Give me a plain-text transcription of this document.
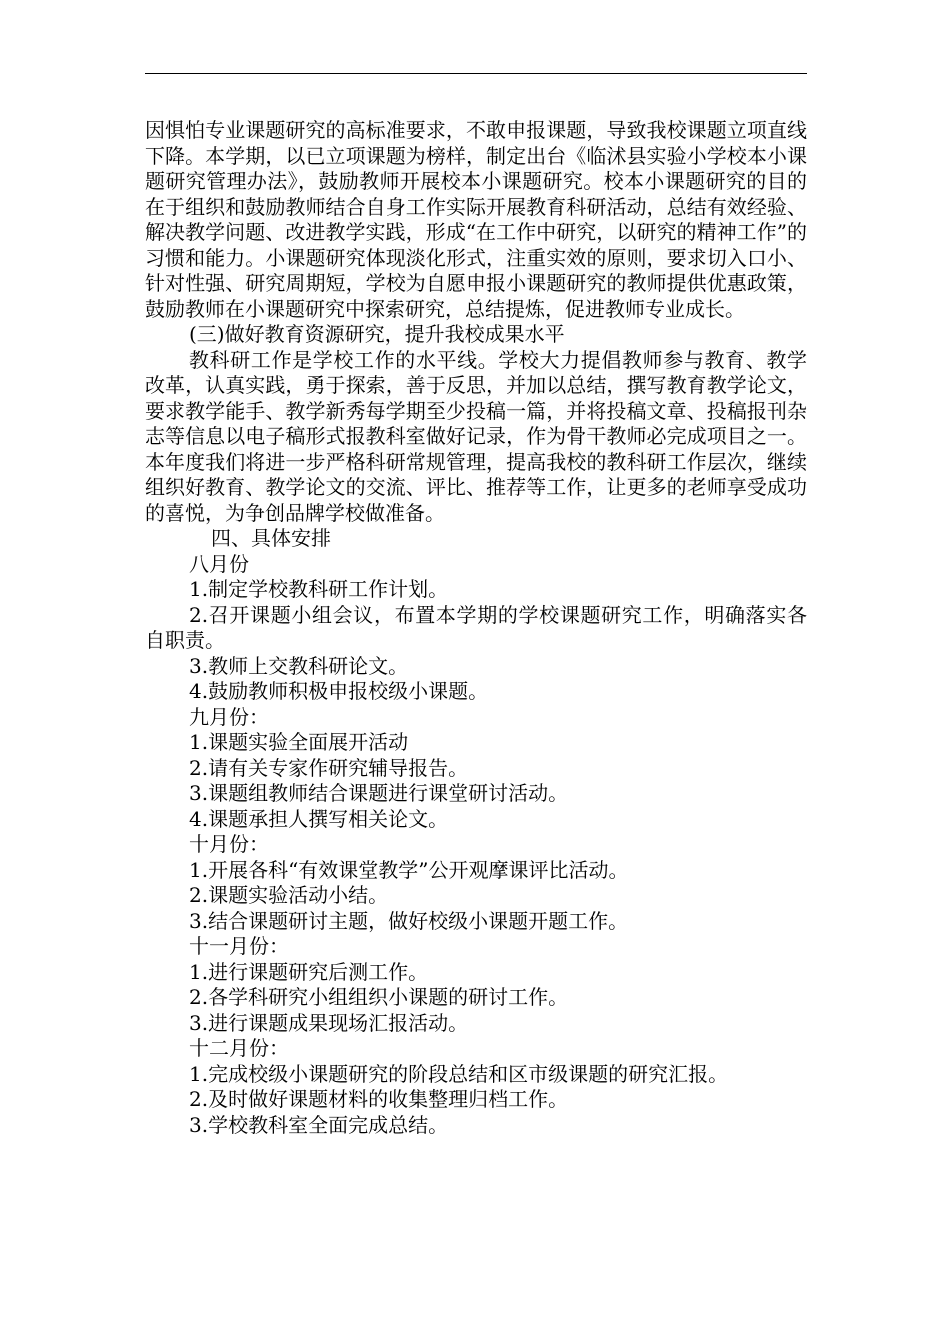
因惧怕专业课题研究的高标准要求，不敢申报课题，导致我校课题立项直线下降。本学期，以已立项课题为榜样，制定出台《临沭县实验小学校本小课题研究管理办法》，鼓励教师开展校本小课题研究。校本小课题研究的目的在于组织和鼓励教师结合自身工作实际开展教育科研活动，总结有效经验、解决教学问题、改进教学实践，形成“在工作中研究，以研究的精神工作”的习惯和能力。小课题研究体现淡化形式，注重实效的原则，要求切入口小、针对性强、研究周期短，学校为自愿申报小课题研究的教师提供优惠政策，鼓励教师在小课题研究中探索研究，总结提炼，促进教师专业成长。

(三)做好教育资源研究，提升我校成果水平

教科研工作是学校工作的水平线。学校大力提倡教师参与教育、教学改革，认真实践，勇于探索，善于反思，并加以总结，撰写教育教学论文，要求教学能手、教学新秀每学期至少投稿一篇，并将投稿文章、投稿报刊杂志等信息以电子稿形式报教科室做好记录，作为骨干教师必完成项目之一。本年度我们将进一步严格科研常规管理，提高我校的教科研工作层次，继续组织好教育、教学论文的交流、评比、推荐等工作，让更多的老师享受成功的喜悦，为争创品牌学校做准备。

四、具体安排

八月份

1.制定学校教科研工作计划。

2.召开课题小组会议，布置本学期的学校课题研究工作，明确落实各自职责。

3.教师上交教科研论文。

4.鼓励教师积极申报校级小课题。

九月份：

1.课题实验全面展开活动

2.请有关专家作研究辅导报告。

3.课题组教师结合课题进行课堂研讨活动。

4.课题承担人撰写相关论文。

十月份：

1.开展各科“有效课堂教学”公开观摩课评比活动。

2.课题实验活动小结。

3.结合课题研讨主题，做好校级小课题开题工作。

十一月份：

1.进行课题研究后测工作。

2.各学科研究小组组织小课题的研讨工作。

3.进行课题成果现场汇报活动。

十二月份：

1.完成校级小课题研究的阶段总结和区市级课题的研究汇报。

2.及时做好课题材料的收集整理归档工作。

3.学校教科室全面完成总结。
